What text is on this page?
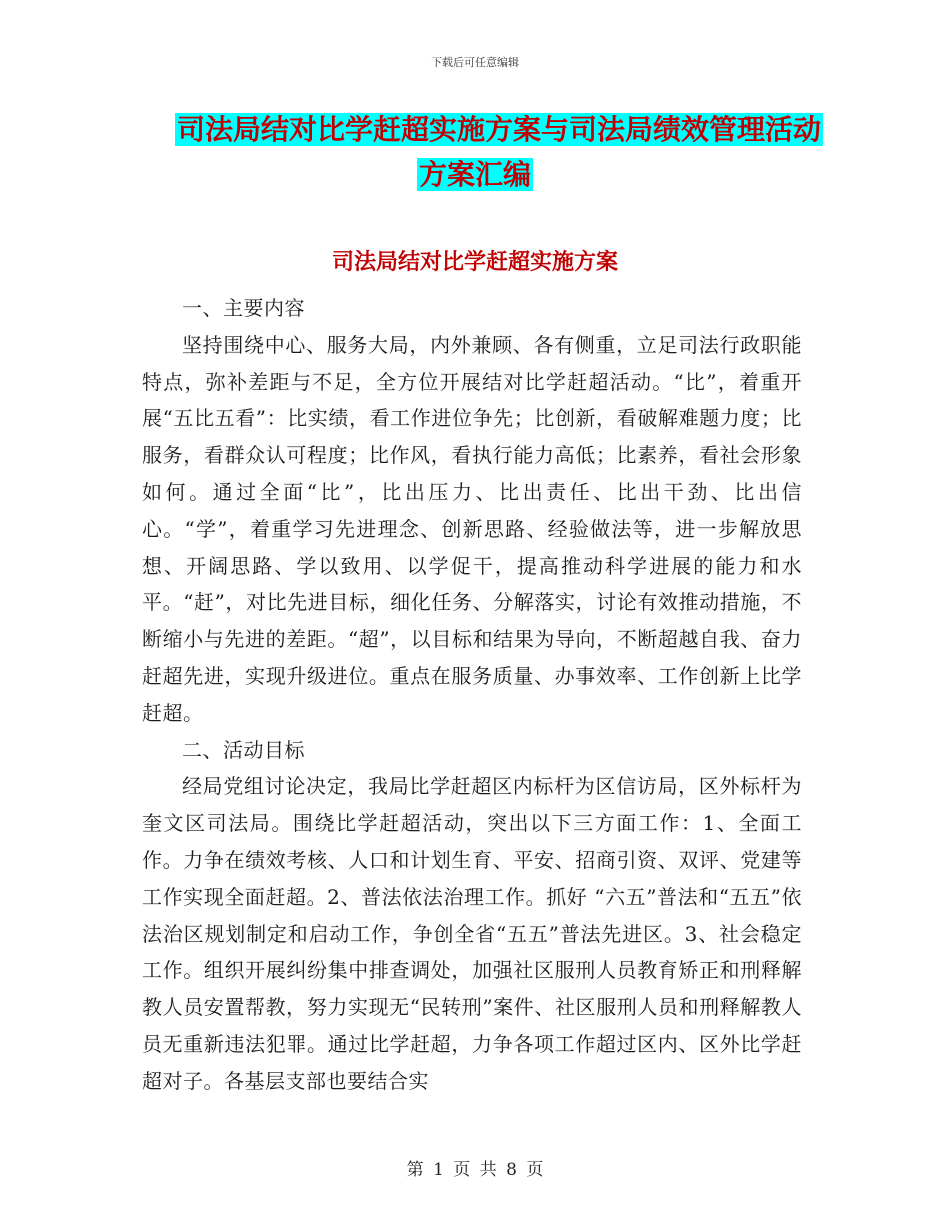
下载后可任意编辑
司法局结对比学赶超实施方案与司法局绩效管理活动
方案汇编
司法局结对比学赶超实施方案

一、主要内容

坚持围绕中心、服务大局，内外兼顾、各有侧重，立足司法行政职能特点，弥补差距与不足，全方位开展结对比学赶超活动。“比”，着重开展“五比五看”：比实绩，看工作进位争先；比创新，看破解难题力度；比服务，看群众认可程度；比作风，看执行能力高低；比素养，看社会形象如何。通过全面“比”，比出压力、比出责任、比出干劲、比出信心。“学”，着重学习先进理念、创新思路、经验做法等，进一步解放思想、开阔思路、学以致用、以学促干，提高推动科学进展的能力和水平。“赶”，对比先进目标，细化任务、分解落实，讨论有效推动措施，不断缩小与先进的差距。“超”，以目标和结果为导向，不断超越自我、奋力赶超先进，实现升级进位。重点在服务质量、办事效率、工作创新上比学赶超。

二、活动目标

经局党组讨论决定，我局比学赶超区内标杆为区信访局，区外标杆为奎文区司法局。围绕比学赶超活动，突出以下三方面工作：1、全面工作。力争在绩效考核、人口和计划生育、平安、招商引资、双评、党建等工作实现全面赶超。2、普法依法治理工作。抓好 “六五”普法和“五五”依法治区规划制定和启动工作，争创全省“五五”普法先进区。3、社会稳定工作。组织开展纠纷集中排查调处，加强社区服刑人员教育矫正和刑释解教人员安置帮教，努力实现无“民转刑”案件、社区服刑人员和刑释解教人员无重新违法犯罪。通过比学赶超，力争各项工作超过区内、区外比学赶超对子。各基层支部也要结合实

第 1 页 共 8 页
